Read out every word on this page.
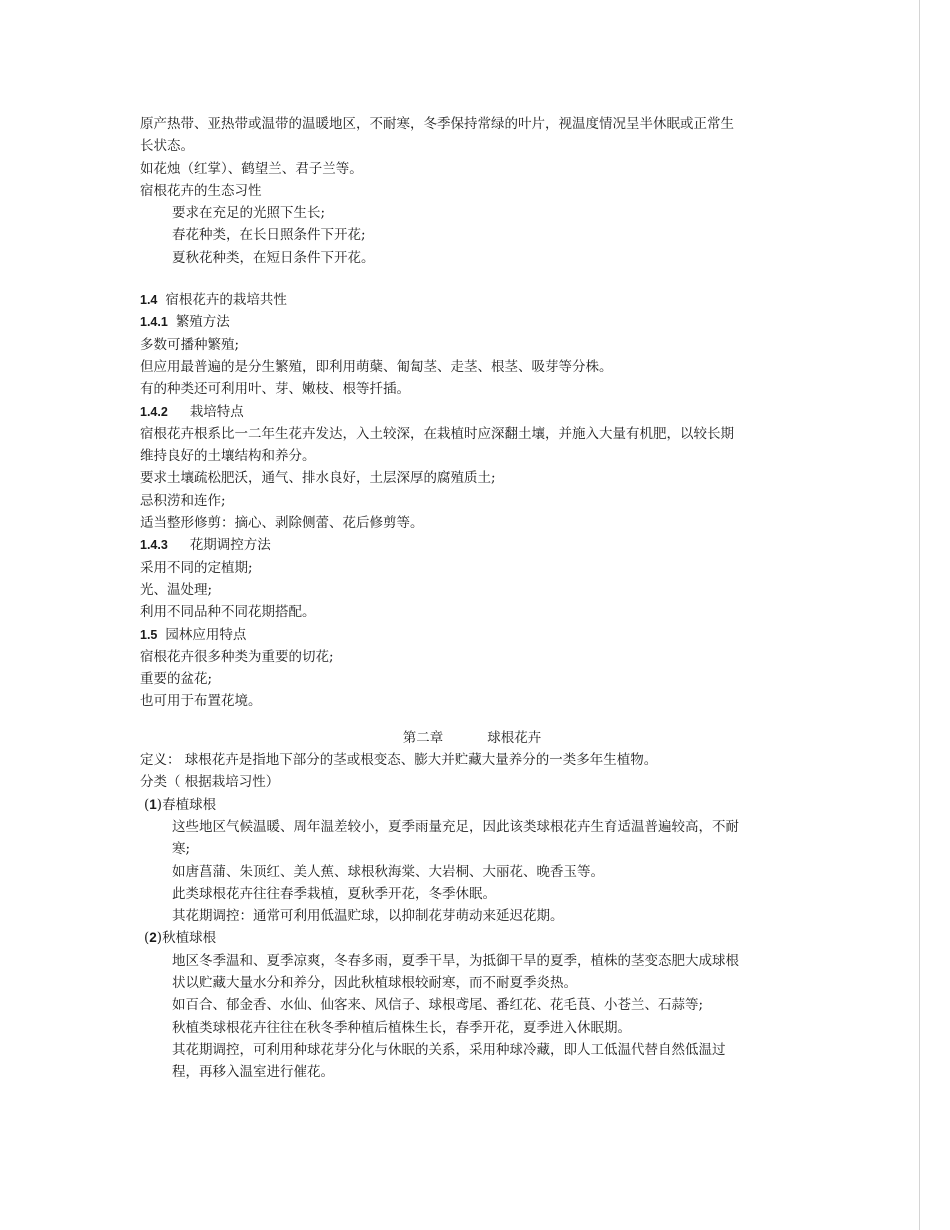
原产热带、亚热带或温带的温暖地区，不耐寒，冬季保持常绿的叶片，视温度情况呈半休眠或正常生长状态。
如花烛（红掌）、鹤望兰、君子兰等。
宿根花卉的生态习性
要求在充足的光照下生长;
春花种类，在长日照条件下开花;
夏秋花种类，在短日条件下开花。
1.4 宿根花卉的栽培共性
1.4.1 繁殖方法
多数可播种繁殖;
但应用最普遍的是分生繁殖，即利用萌蘖、匍匐茎、走茎、根茎、吸芽等分株。
有的种类还可利用叶、芽、嫩枝、根等扦插。
1.4.2 栽培特点
宿根花卉根系比一二年生花卉发达，入土较深，在栽植时应深翻土壤，并施入大量有机肥，以较长期维持良好的土壤结构和养分。
要求土壤疏松肥沃，通气、排水良好，土层深厚的腐殖质土;
忌积涝和连作;
适当整形修剪：摘心、剥除侧蕾、花后修剪等。
1.4.3 花期调控方法
采用不同的定植期;
光、温处理;
利用不同品种不同花期搭配。
1.5 园林应用特点
宿根花卉很多种类为重要的切花;
重要的盆花;
也可用于布置花境。
第二章	球根花卉
定义： 球根花卉是指地下部分的茎或根变态、膨大并贮藏大量养分的一类多年生植物。
分类（ 根据栽培习性）
(1)春植球根
这些地区气候温暖、周年温差较小，夏季雨量充足，因此该类球根花卉生育适温普遍较高，不耐寒;
如唐菖蒲、朱顶红、美人蕉、球根秋海棠、大岩桐、大丽花、晚香玉等。
此类球根花卉往往春季栽植，夏秋季开花，冬季休眠。
其花期调控：通常可利用低温贮球，以抑制花芽萌动来延迟花期。
(2)秋植球根
地区冬季温和、夏季凉爽，冬春多雨，夏季干旱，为抵御干旱的夏季，植株的茎变态肥大成球根状以贮藏大量水分和养分，因此秋植球根较耐寒，而不耐夏季炎热。
如百合、郁金香、水仙、仙客来、风信子、球根鸢尾、番红花、花毛茛、小苍兰、石蒜等;
秋植类球根花卉往往在秋冬季种植后植株生长，春季开花，夏季进入休眠期。
其花期调控，可利用种球花芽分化与休眠的关系，采用种球冷藏，即人工低温代替自然低温过程，再移入温室进行催花。
